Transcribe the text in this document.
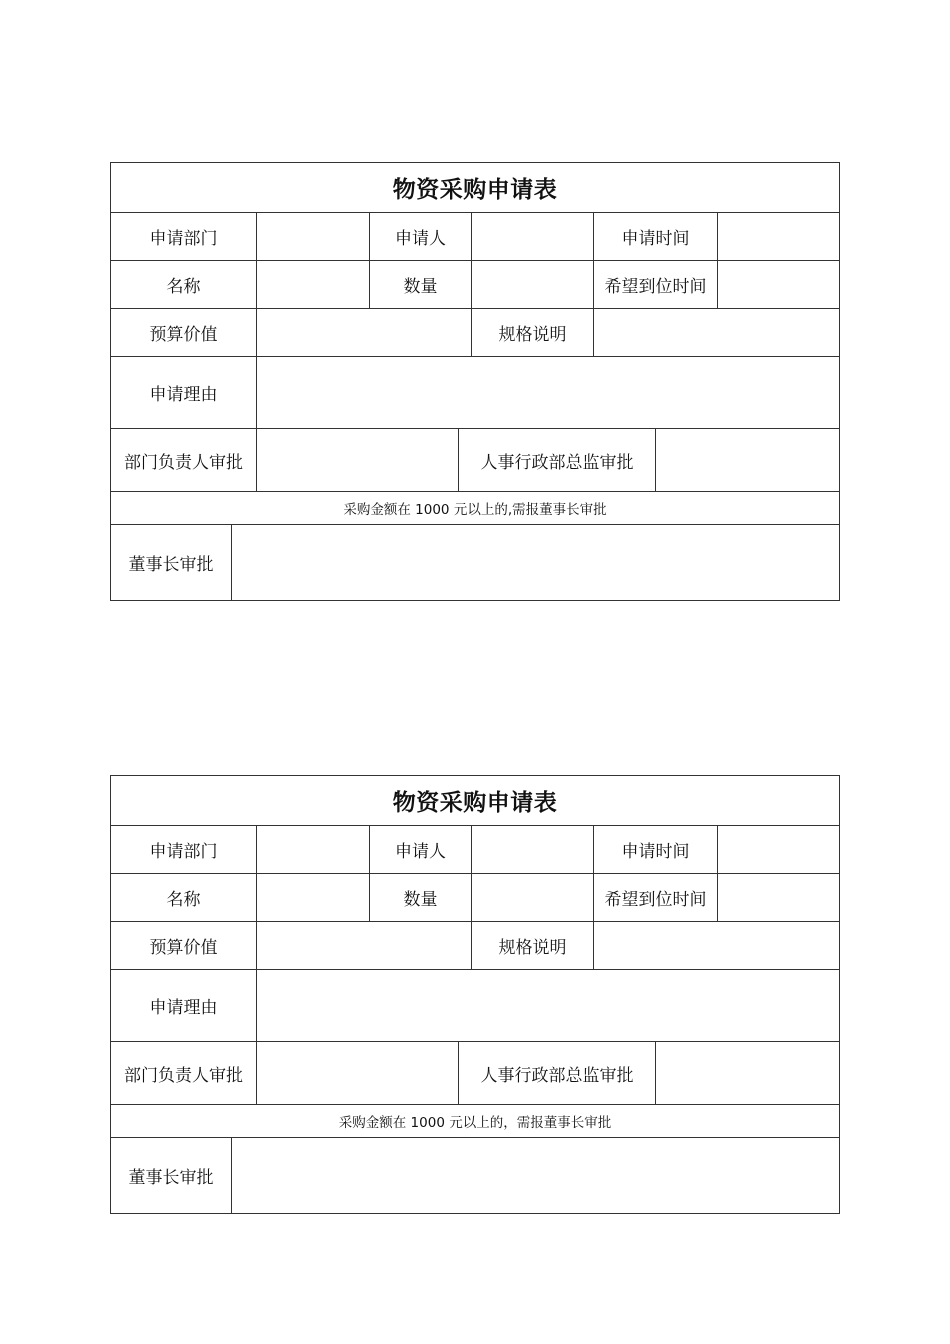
物资采购申请表
申请部门	申请人	申请时间
名称	数量	希望到位时间
预算价值	规格说明
申请理由
部门负责人审批	人事行政部总监审批
采购金额在 1000 元以上的,需报董事长审批
董事长审批
物资采购申请表
申请部门	申请人	申请时间
名称	数量	希望到位时间
预算价值	规格说明
申请理由
部门负责人审批	人事行政部总监审批
采购金额在 1000 元以上的，需报董事长审批
董事长审批
